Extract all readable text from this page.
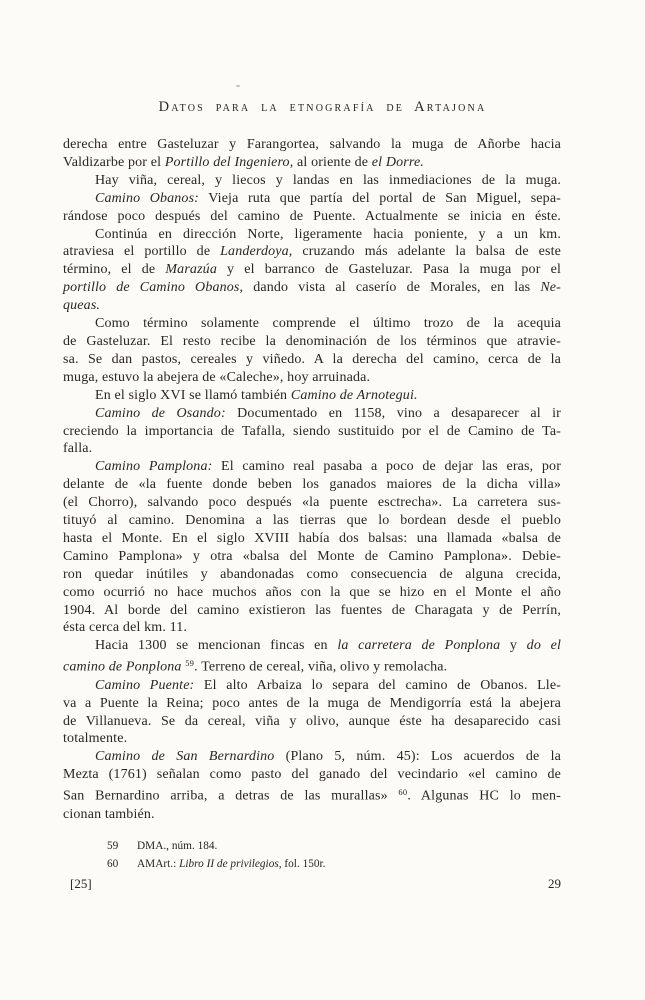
Datos para la etnografía de Artajona
derecha entre Gasteluzar y Farangortea, salvando la muga de Añorbe hacia
Valdizarbe por el Portillo del Ingeniero, al oriente de el Dorre.
Hay viña, cereal, y liecos y landas en las inmediaciones de la muga.
Camino Obanos: Vieja ruta que partía del portal de San Miguel, sepa-
rándose poco después del camino de Puente. Actualmente se inicia en éste.
Continúa en dirección Norte, ligeramente hacia poniente, y a un km.
atraviesa el portillo de Landerdoya, cruzando más adelante la balsa de este
término, el de Marazúa y el barranco de Gasteluzar. Pasa la muga por el
portillo de Camino Obanos, dando vista al caserío de Morales, en las Ne-
queas.
Como término solamente comprende el último trozo de la acequia
de Gasteluzar. El resto recibe la denominación de los términos que atravie-
sa. Se dan pastos, cereales y viñedo. A la derecha del camino, cerca de la
muga, estuvo la abejera de «Caleche», hoy arruinada.
En el siglo XVI se llamó también Camino de Arnotegui.
Camino de Osando: Documentado en 1158, vino a desaparecer al ir
creciendo la importancia de Tafalla, siendo sustituido por el de Camino de Ta-
falla.
Camino Pamplona: El camino real pasaba a poco de dejar las eras, por
delante de «la fuente donde beben los ganados maiores de la dicha villa»
(el Chorro), salvando poco después «la puente esctrecha». La carretera sus-
tituyó al camino. Denomina a las tierras que lo bordean desde el pueblo
hasta el Monte. En el siglo XVIII había dos balsas: una llamada «balsa de
Camino Pamplona» y otra «balsa del Monte de Camino Pamplona». Debie-
ron quedar inútiles y abandonadas como consecuencia de alguna crecida,
como ocurrió no hace muchos años con la que se hizo en el Monte el año
1904. Al borde del camino existieron las fuentes de Charagata y de Perrín,
ésta cerca del km. 11.
Hacia 1300 se mencionan fincas en la carretera de Ponplona y do el
camino de Ponplona $^{59}$. Terreno de cereal, viña, olivo y remolacha.
Camino Puente: El alto Arbaiza lo separa del camino de Obanos. Lle-
va a Puente la Reina; poco antes de la muga de Mendigorría está la abejera
de Villanueva. Se da cereal, viña y olivo, aunque éste ha desaparecido casi
totalmente.
Camino de San Bernardino (Plano 5, núm. 45): Los acuerdos de la
Mezta (1761) señalan como pasto del ganado del vecindario «el camino de
San Bernardino arriba, a detras de las murallas» $^{60}$. Algunas HC lo men-
cionan también.
59 DMA., núm. 184.
60 AMArt.: Libro II de privilegios, fol. 150r.
[25]	29
